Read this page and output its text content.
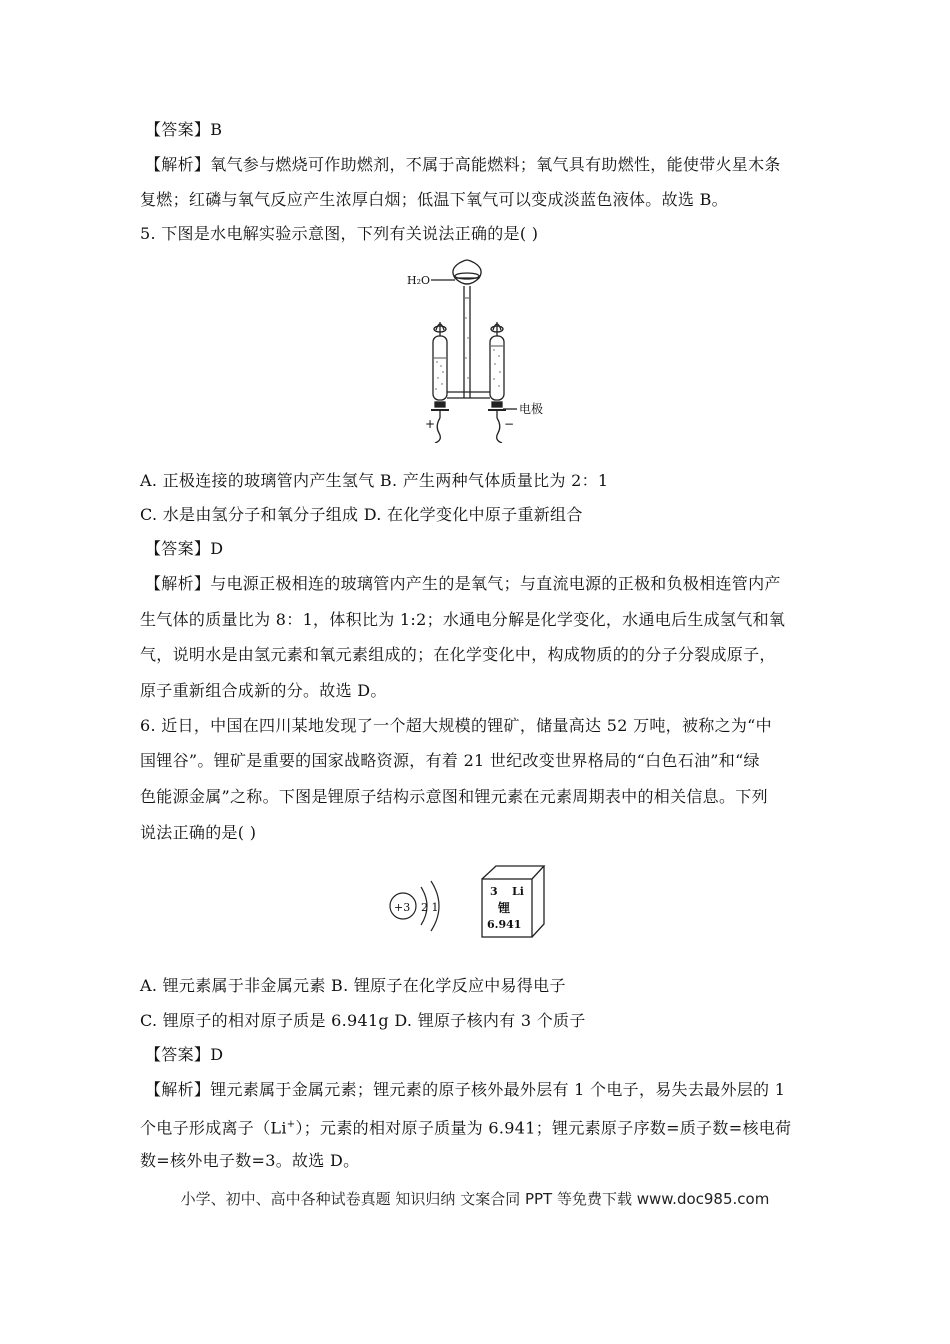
【答案】B
【解析】氧气参与燃烧可作助燃剂，不属于高能燃料；氧气具有助燃性，能使带火星木条
复燃；红磷与氧气反应产生浓厚白烟；低温下氧气可以变成淡蓝色液体。故选 B。
5. 下图是水电解实验示意图，下列有关说法正确的是( )
H₂O
电极
+	−
A. 正极连接的玻璃管内产生氢气 B. 产生两种气体质量比为 2：1
C. 水是由氢分子和氧分子组成 D. 在化学变化中原子重新组合
【答案】D
【解析】与电源正极相连的玻璃管内产生的是氧气；与直流电源的正极和负极相连管内产
生气体的质量比为 8：1，体积比为 1:2；水通电分解是化学变化，水通电后生成氢气和氧
气，说明水是由氢元素和氧元素组成的；在化学变化中，构成物质的的分子分裂成原子，
原子重新组合成新的分。故选 D。
6. 近日，中国在四川某地发现了一个超大规模的锂矿，储量高达 52 万吨，被称之为“中
国锂谷”。锂矿是重要的国家战略资源，有着 21 世纪改变世界格局的“白色石油”和“绿
色能源金属”之称。下图是锂原子结构示意图和锂元素在元素周期表中的相关信息。下列
说法正确的是( )
+3 2 1
3 Li
锂
6.941
A. 锂元素属于非金属元素 B. 锂原子在化学反应中易得电子
C. 锂原子的相对原子质是 6.941g D. 锂原子核内有 3 个质子
【答案】D
【解析】锂元素属于金属元素；锂元素的原子核外最外层有 1 个电子，易失去最外层的 1
个电子形成离子（Li+）；元素的相对原子质量为 6.941；锂元素原子序数=质子数=核电荷
数=核外电子数=3。故选 D。
小学、初中、高中各种试卷真题 知识归纳 文案合同 PPT 等免费下载 www.doc985.com
